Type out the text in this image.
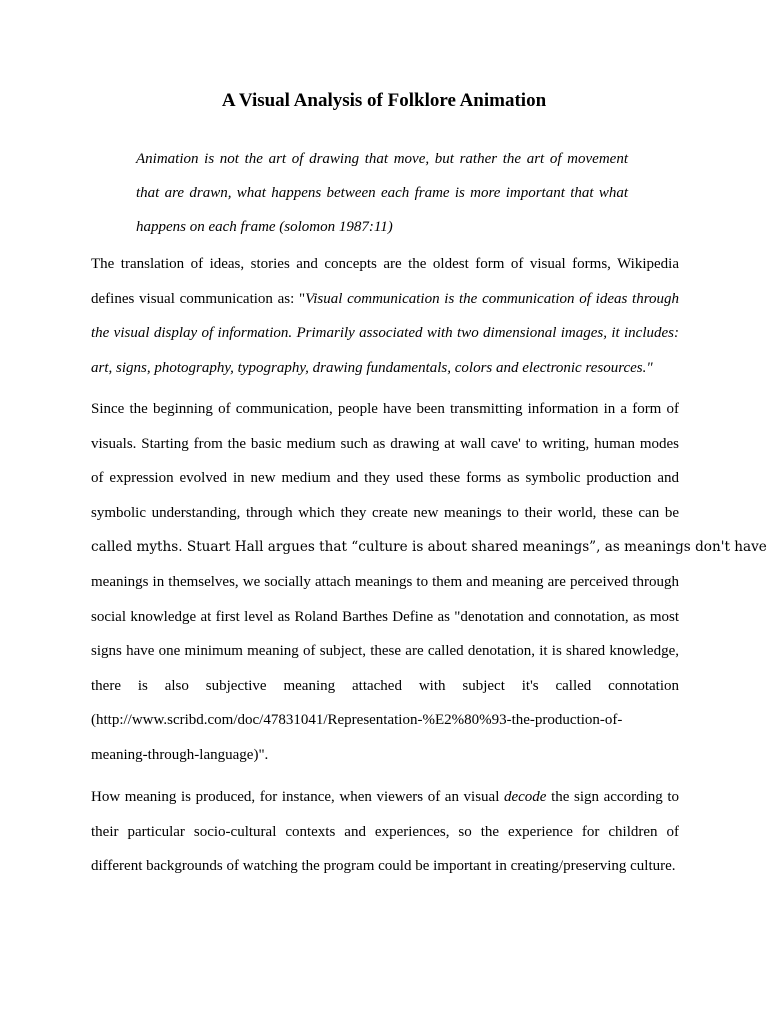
A Visual Analysis of Folklore Animation
Animation is not the art of drawing that move, but rather the art of movement
that are drawn, what happens between each frame is more important that what
happens on each frame (solomon 1987:11)
The translation of ideas, stories and concepts are the oldest form of visual forms, Wikipedia
defines visual communication as: "Visual communication is the communication of ideas through
the visual display of information. Primarily associated with two dimensional images, it includes:
art, signs, photography, typography, drawing fundamentals, colors and electronic resources."
Since the beginning of communication, people have been transmitting information in a form of
visuals. Starting from the basic medium such as drawing at wall cave' to writing, human modes
of expression evolved in new medium and they used these forms as symbolic production and
symbolic understanding, through which they create new meanings to their world, these can be
called myths. Stuart Hall argues that “culture is about shared meanings”, as meanings don't have
meanings in themselves, we socially attach meanings to them and meaning are perceived through
social knowledge at first level as Roland Barthes Define as "denotation and connotation, as most
signs have one minimum meaning of subject, these are called denotation, it is shared knowledge,
there is also subjective meaning attached with subject it's called connotation
(http://www.scribd.com/doc/47831041/Representation-%E2%80%93-the-production-of-
meaning-through-language)".
How meaning is produced, for instance, when viewers of an visual decode the sign according to
their particular socio-cultural contexts and experiences, so the experience for children of
different backgrounds of watching the program could be important in creating/preserving culture.
